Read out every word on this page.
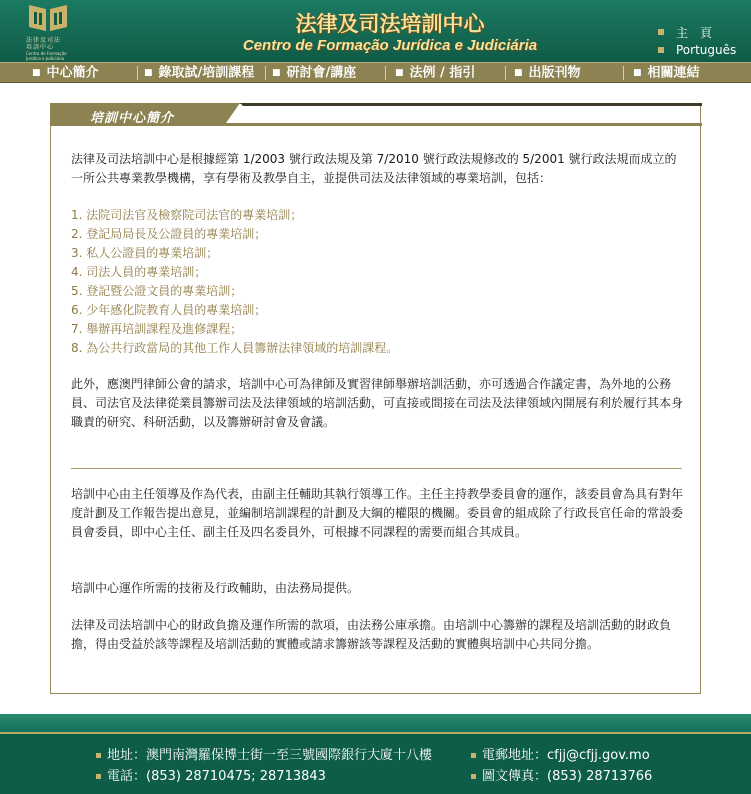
法律及司法
培訓中心
Centro de Formação
Jurídica e Judiciária
法律及司法培訓中心
Centro de Formação Jurídica e Judiciária
主　頁
Português
■ 中心簡介	■ 錄取試/培訓課程 ■ 研討會/講座	■ 法例 / 指引	■ 出版刊物	■ 相關連結
培訓中心簡介
法律及司法培訓中心是根據經第 1/2003 號行政法規及第 7/2010 號行政法規修改的 5/2001 號行政法規而成立的一所公共專業教學機構，享有學術及教學自主，並提供司法及法律領域的專業培訓，包括：
1. 法院司法官及檢察院司法官的專業培訓；
2. 登記局局長及公證員的專業培訓；
3. 私人公證員的專業培訓；
4. 司法人員的專業培訓；
5. 登記暨公證文員的專業培訓；
6. 少年感化院教育人員的專業培訓；
7. 舉辦再培訓課程及進修課程；
8. 為公共行政當局的其他工作人員籌辦法律領域的培訓課程。
此外，應澳門律師公會的請求，培訓中心可為律師及實習律師舉辦培訓活動，亦可透過合作議定書，為外地的公務員、司法官及法律從業員籌辦司法及法律領域的培訓活動，可直接或間接在司法及法律領域內開展有利於履行其本身職責的研究、科研活動，以及籌辦研討會及會議。
培訓中心由主任領導及作為代表，由副主任輔助其執行領導工作。主任主持教學委員會的運作，該委員會為具有對年度計劃及工作報告提出意見，並編制培訓課程的計劃及大綱的權限的機關。委員會的組成除了行政長官任命的常設委員會委員，即中心主任、副主任及四名委員外，可根據不同課程的需要而組合其成員。
培訓中心運作所需的技術及行政輔助，由法務局提供。
法律及司法培訓中心的財政負擔及運作所需的款項，由法務公庫承擔。由培訓中心籌辦的課程及培訓活動的財政負擔，得由受益於該等課程及培訓活動的實體或請求籌辦該等課程及活動的實體與培訓中心共同分擔。
地址：澳門南灣羅保博士街一至三號國際銀行大廈十八樓
電話：(853) 28710475; 28713843
電郵地址：cfjj@cfjj.gov.mo
圖文傳真：(853) 28713766
